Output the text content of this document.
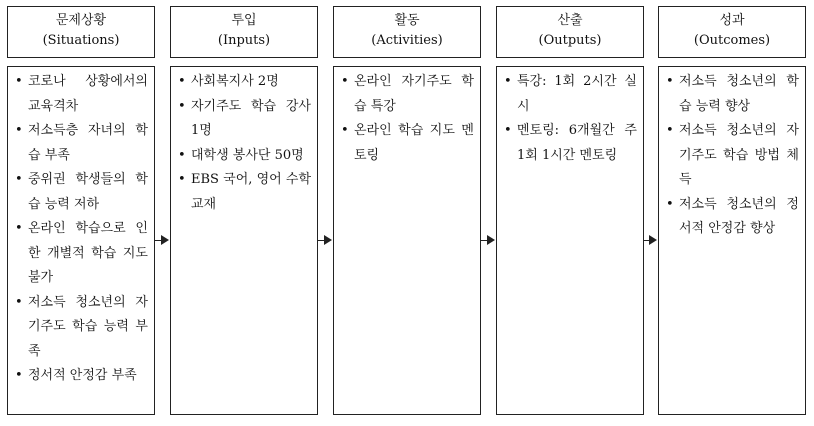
문제상황
(Situations)
• 코로나 상황에서의 교육격차
• 저소득층 자녀의 학습 부족
• 중위권 학생들의 학습 능력 저하
• 온라인 학습으로 인한 개별적 학습 지도 불가
• 저소득 청소년의 자기주도 학습 능력 부족
• 정서적 안정감 부족
투입
(Inputs)
• 사회복지사 2명
• 자기주도 학습 강사 1명
• 대학생 봉사단 50명
• EBS 국어, 영어 수학 교재
활동
(Activities)
• 온라인 자기주도 학습 특강
• 온라인 학습 지도 멘토링
산출
(Outputs)
• 특강: 1회 2시간 실시
• 멘토링: 6개월간 주 1회 1시간 멘토링
성과
(Outcomes)
• 저소득 청소년의 학습 능력 향상
• 저소득 청소년의 자기주도 학습 방법 체득
• 저소득 청소년의 정서적 안정감 향상
